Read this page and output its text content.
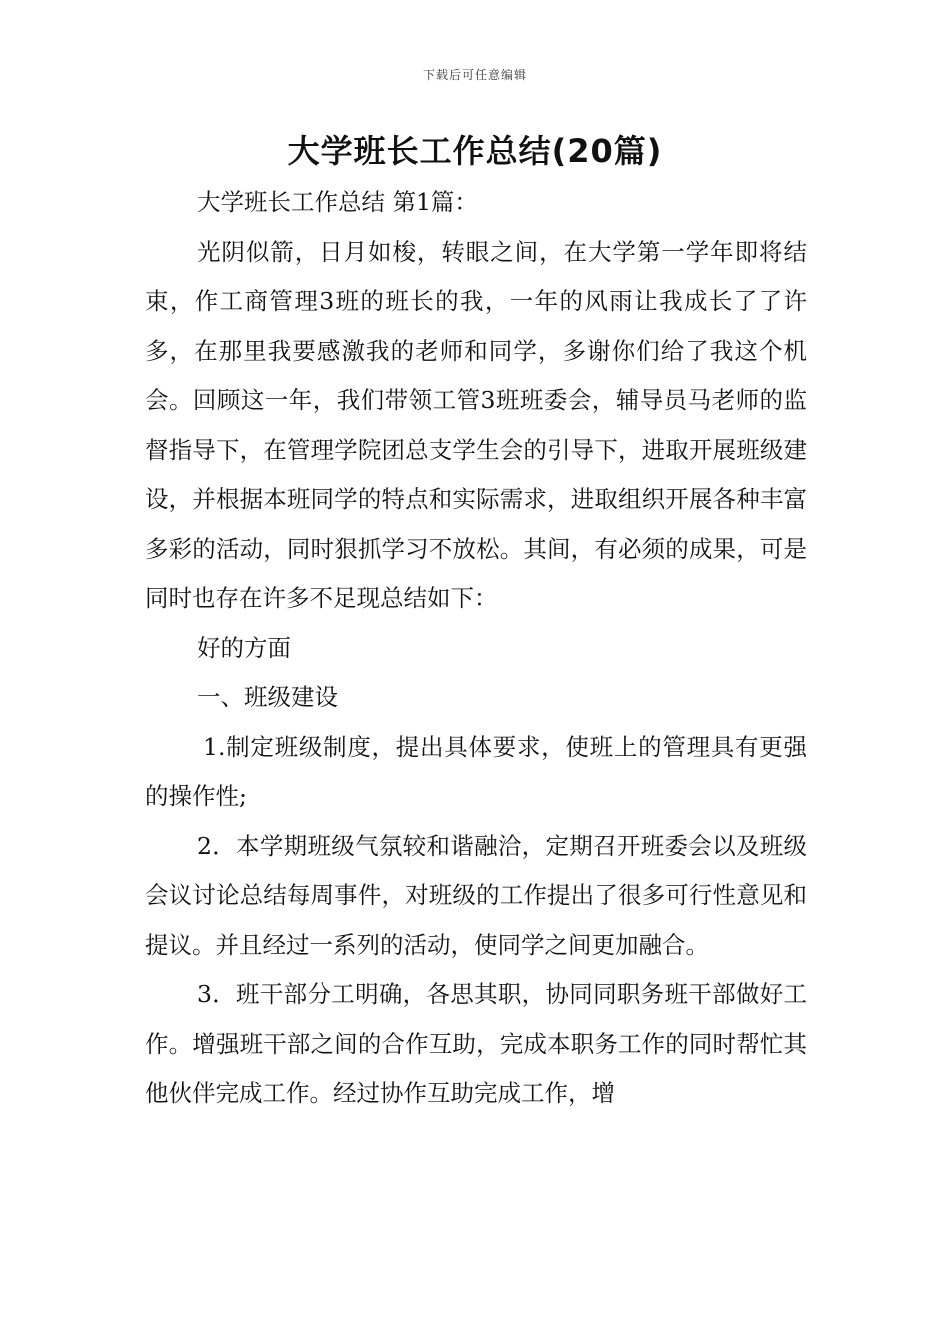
下载后可任意编辑
大学班长工作总结(20篇)

大学班长工作总结 第1篇：

光阴似箭，日月如梭，转眼之间，在大学第一学年即将结束，作工商管理3班的班长的我，一年的风雨让我成长了了许多，在那里我要感激我的老师和同学，多谢你们给了我这个机会。回顾这一年，我们带领工管3班班委会，辅导员马老师的监督指导下，在管理学院团总支学生会的引导下，进取开展班级建设，并根据本班同学的特点和实际需求，进取组织开展各种丰富多彩的活动，同时狠抓学习不放松。其间，有必须的成果，可是同时也存在许多不足现总结如下：

好的方面

一、班级建设

1.制定班级制度，提出具体要求，使班上的管理具有更强的操作性;

2．本学期班级气氛较和谐融洽，定期召开班委会以及班级会议讨论总结每周事件，对班级的工作提出了很多可行性意见和提议。并且经过一系列的活动，使同学之间更加融合。

3．班干部分工明确，各思其职，协同同职务班干部做好工作。增强班干部之间的合作互助，完成本职务工作的同时帮忙其他伙伴完成工作。经过协作互助完成工作，增
